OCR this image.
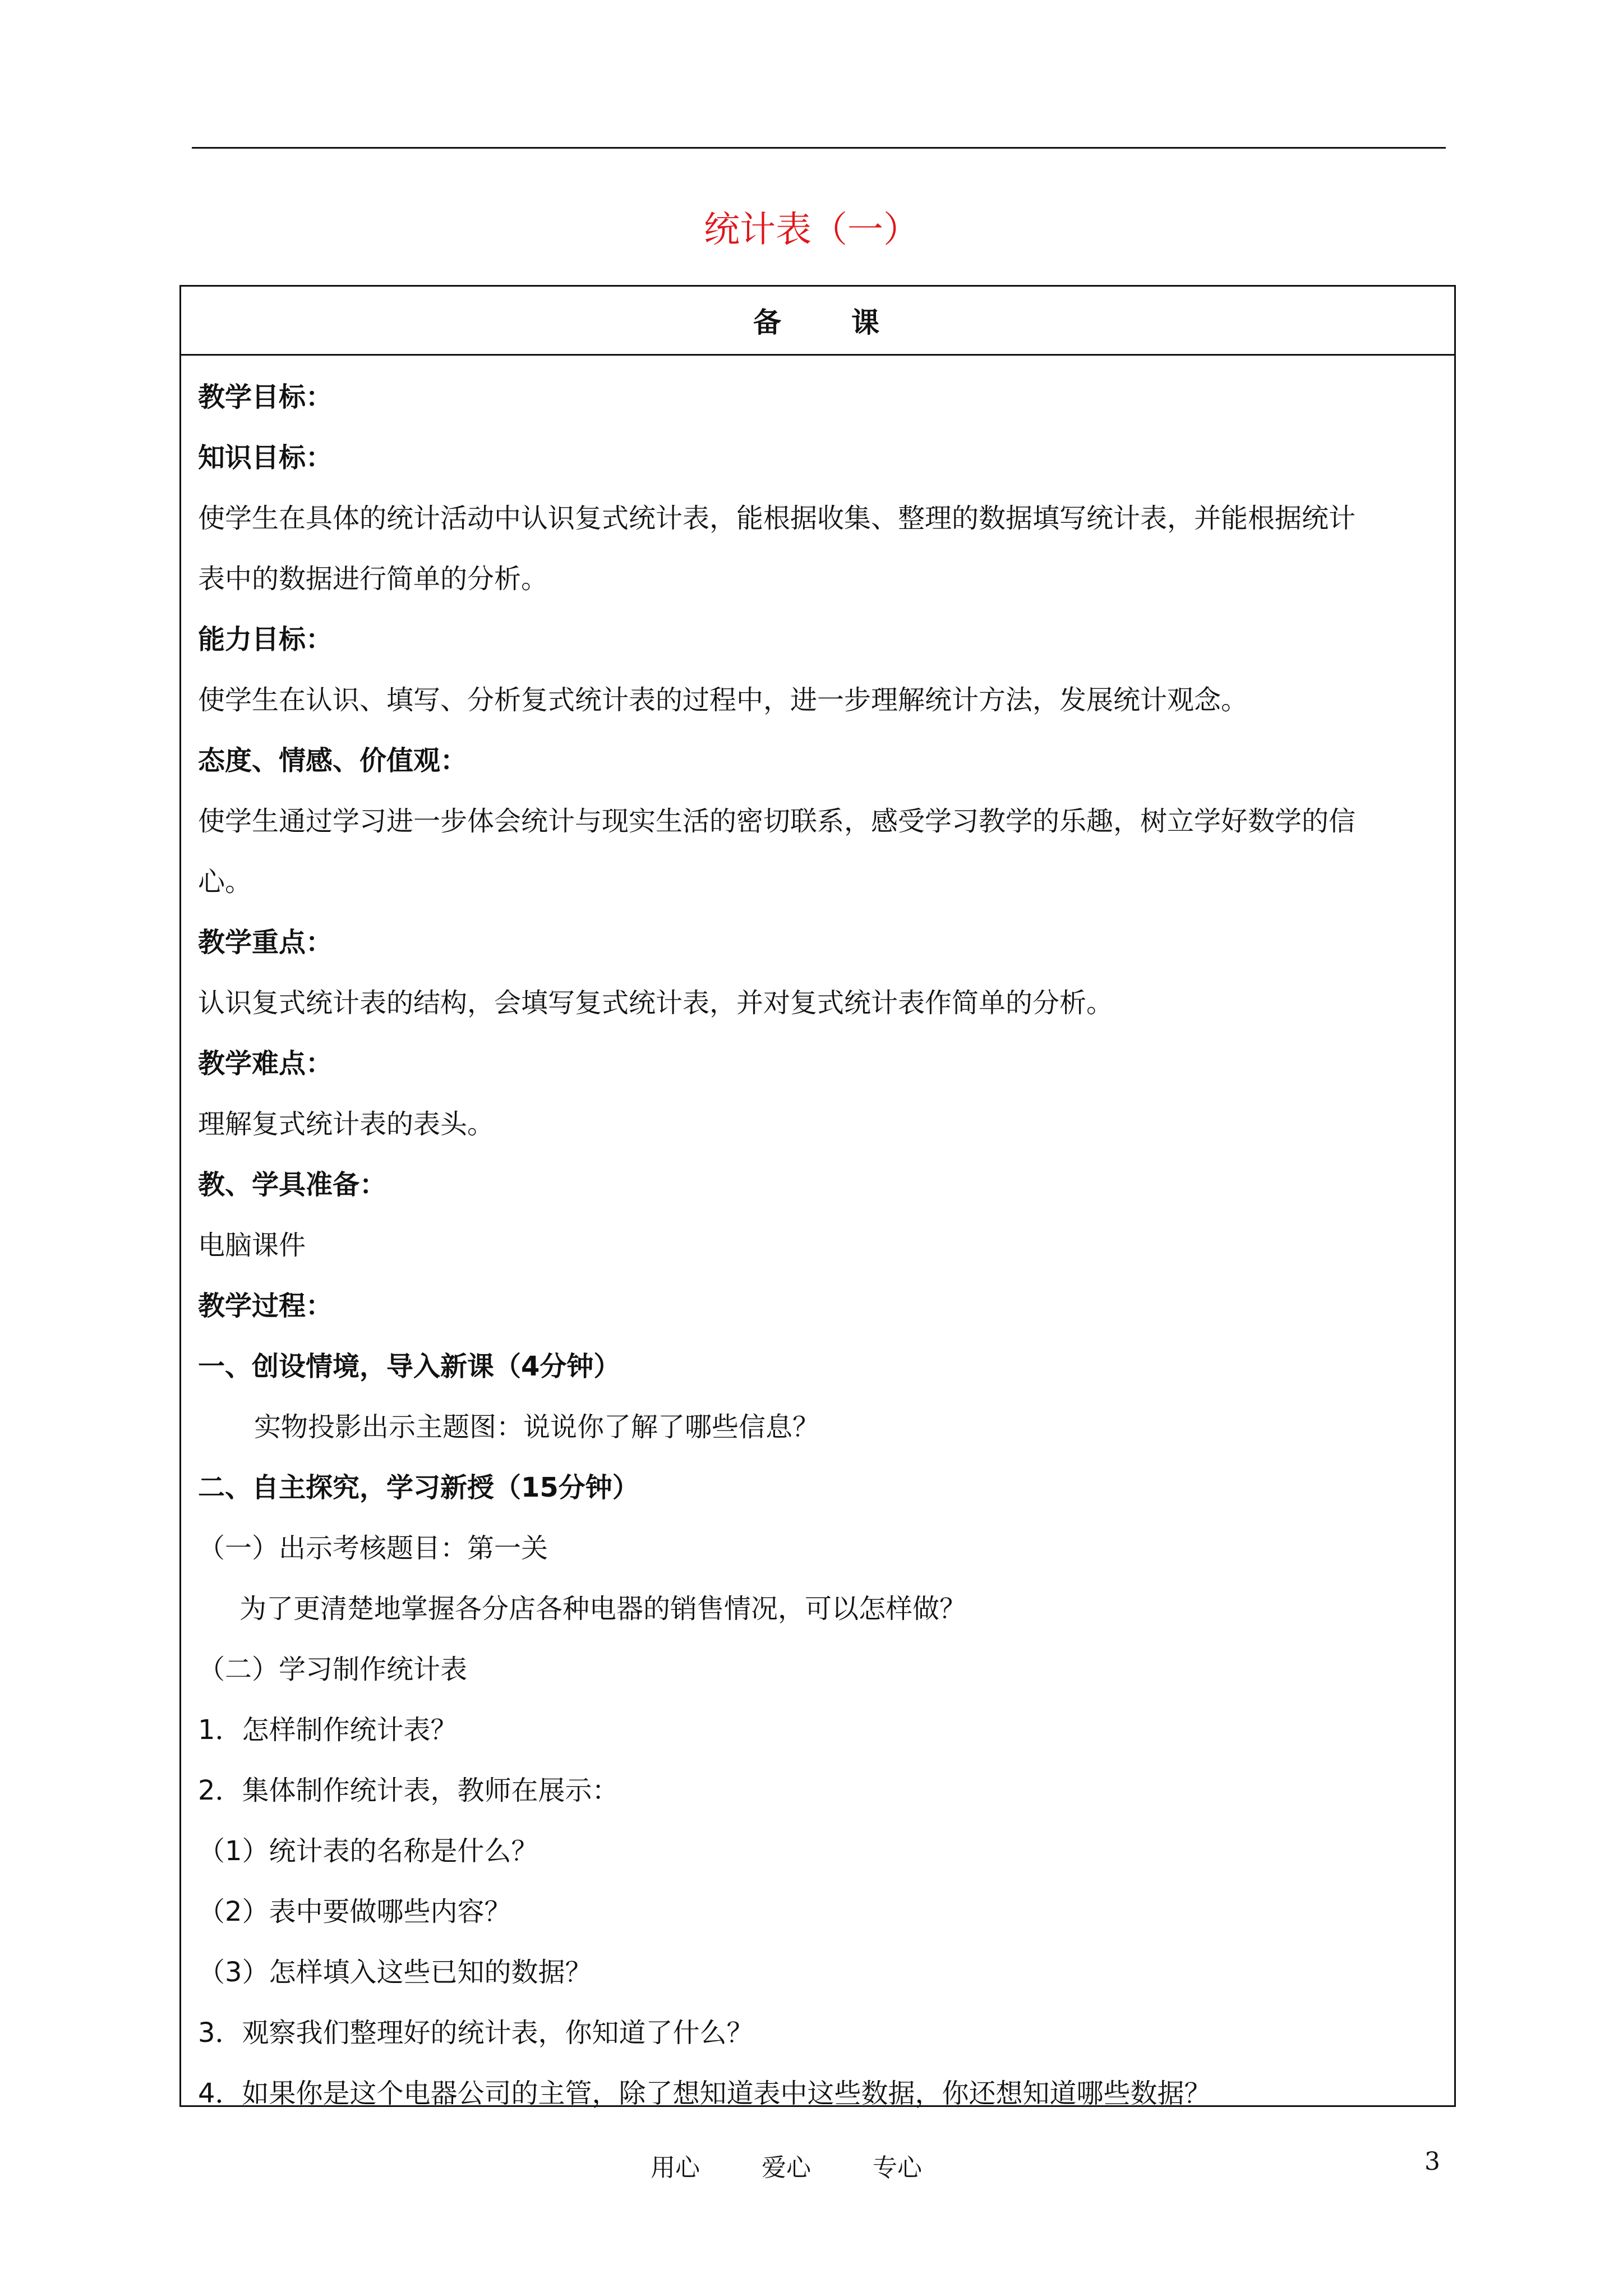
统计表（一）
备 课
教学目标：
知识目标：
使学生在具体的统计活动中认识复式统计表，能根据收集、整理的数据填写统计表，并能根据统计
表中的数据进行简单的分析。
能力目标：
使学生在认识、填写、分析复式统计表的过程中，进一步理解统计方法，发展统计观念。
态度、情感、价值观：
使学生通过学习进一步体会统计与现实生活的密切联系，感受学习教学的乐趣，树立学好数学的信
心。
教学重点：
认识复式统计表的结构，会填写复式统计表，并对复式统计表作简单的分析。
教学难点：
理解复式统计表的表头。
教、学具准备：
电脑课件
教学过程：
一、创设情境，导入新课（4分钟）
实物投影出示主题图：说说你了解了哪些信息？
二、自主探究，学习新授（15分钟）
（一）出示考核题目：第一关
为了更清楚地掌握各分店各种电器的销售情况，可以怎样做？
（二）学习制作统计表
1．怎样制作统计表？
2．集体制作统计表，教师在展示：
（1）统计表的名称是什么？
（2）表中要做哪些内容？
（3）怎样填入这些已知的数据？
3．观察我们整理好的统计表，你知道了什么？
4．如果你是这个电器公司的主管，除了想知道表中这些数据，你还想知道哪些数据？
用心	爱心	专心	3
